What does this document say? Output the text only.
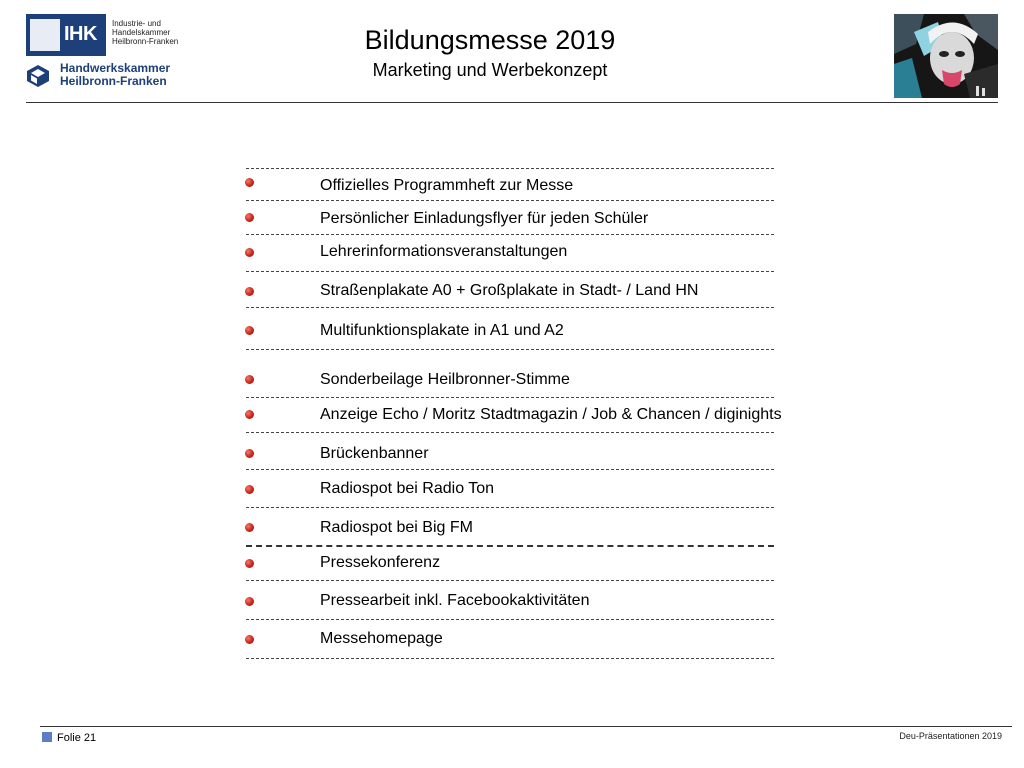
IHK Industrie- und Handelskammer
Heilbronn-Franken
Handwerkskammer
Heilbronn-Franken
Bildungsmesse 2019
Marketing und Werbekonzept
Offizielles Programmheft zur Messe
Persönlicher Einladungsflyer für jeden Schüler
Lehrerinformationsveranstaltungen
Straßenplakate A0 + Großplakate in Stadt- / Land HN
Multifunktionsplakate in A1 und A2
Sonderbeilage Heilbronner-Stimme
Anzeige Echo / Moritz Stadtmagazin / Job & Chancen / diginights
Brückenbanner
Radiospot bei Radio Ton
Radiospot bei Big FM
Pressekonferenz
Pressearbeit inkl. Facebookaktivitäten
Messehomepage
Folie 21	Deu-Präsentationen 2019
